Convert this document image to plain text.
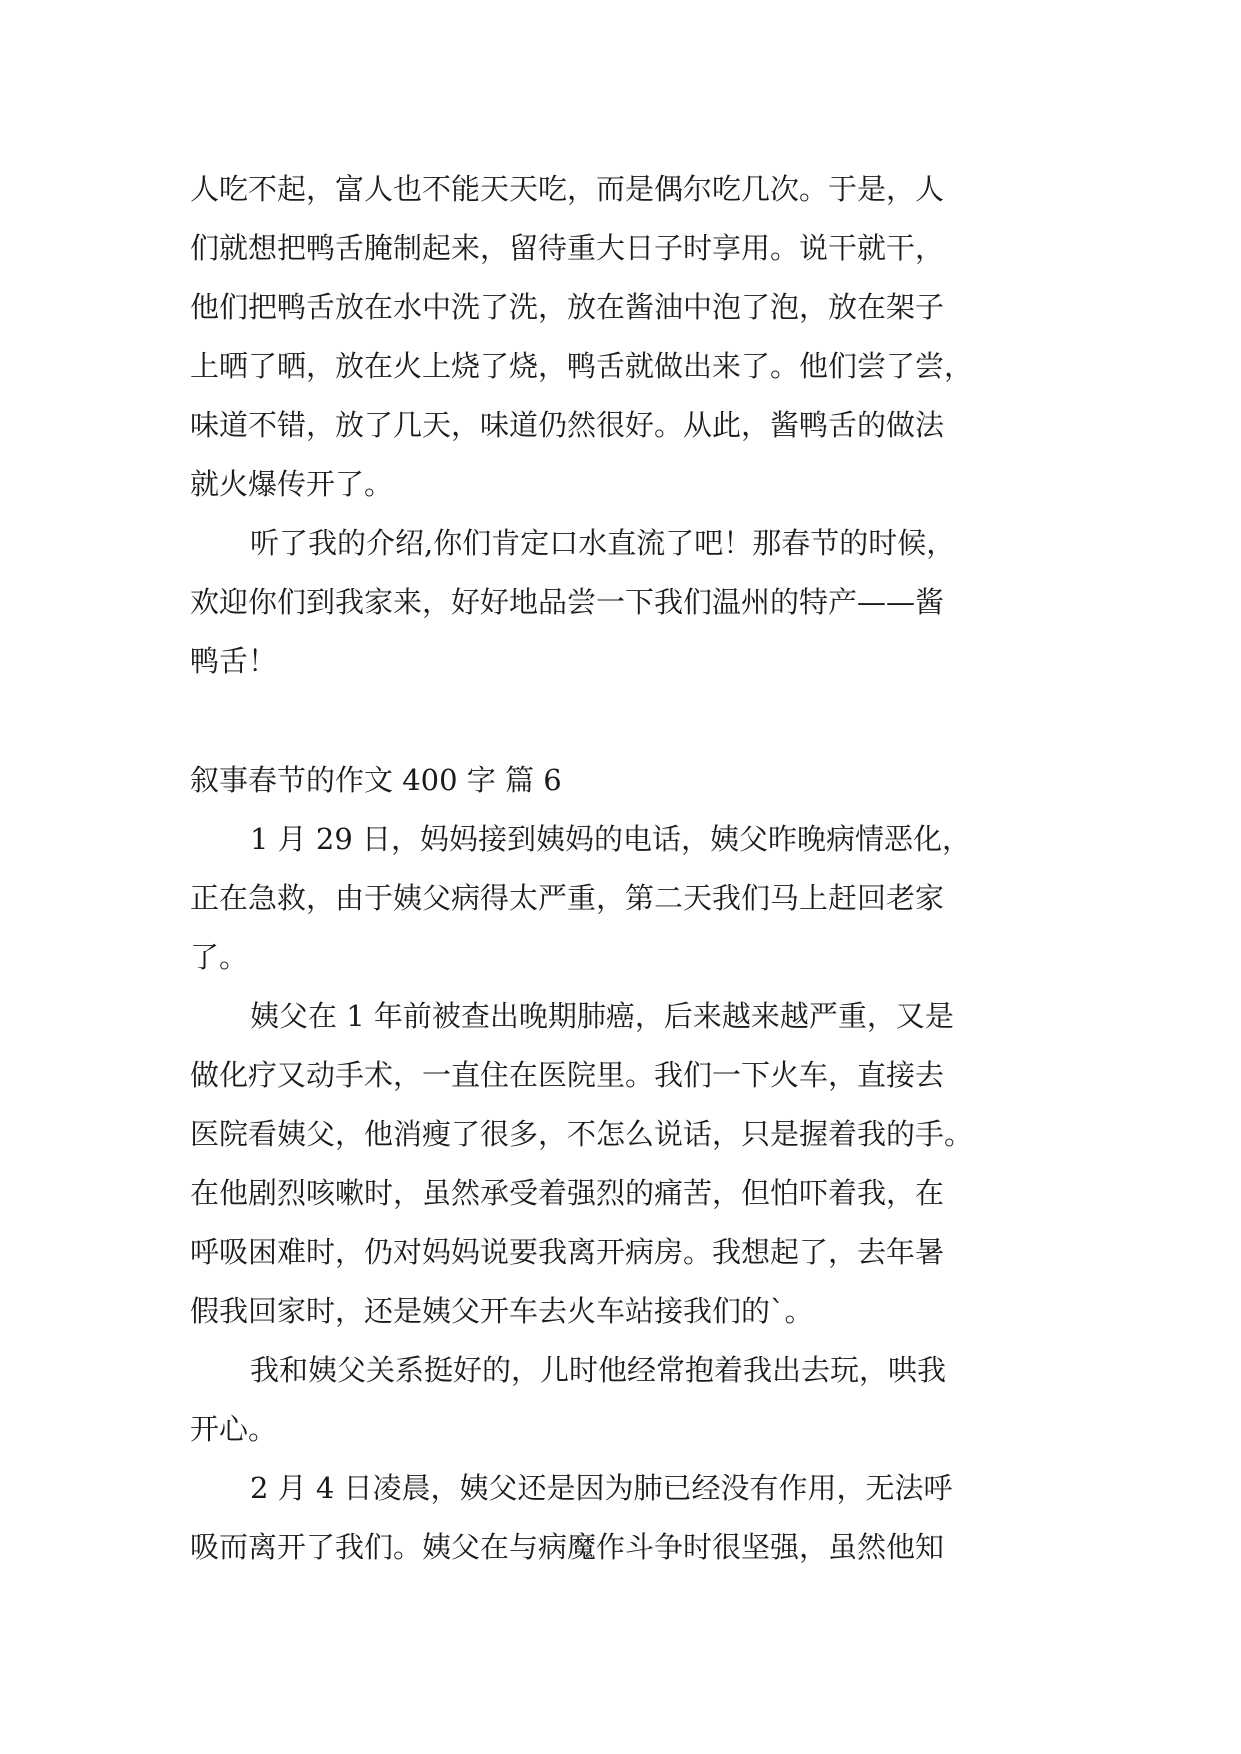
人吃不起，富人也不能天天吃，而是偶尔吃几次。于是，人
们就想把鸭舌腌制起来，留待重大日子时享用。说干就干，
他们把鸭舌放在水中洗了洗，放在酱油中泡了泡，放在架子
上晒了晒，放在火上烧了烧，鸭舌就做出来了。他们尝了尝，
味道不错，放了几天，味道仍然很好。从此，酱鸭舌的做法
就火爆传开了。
听了我的介绍,你们肯定口水直流了吧！那春节的时候，
欢迎你们到我家来，好好地品尝一下我们温州的特产——酱
鸭舌！
叙事春节的作文 400 字 篇 6
1 月 29 日，妈妈接到姨妈的电话，姨父昨晚病情恶化，
正在急救，由于姨父病得太严重，第二天我们马上赶回老家
了。
姨父在 1 年前被查出晚期肺癌，后来越来越严重，又是
做化疗又动手术，一直住在医院里。我们一下火车，直接去
医院看姨父，他消瘦了很多，不怎么说话，只是握着我的手。
在他剧烈咳嗽时，虽然承受着强烈的痛苦，但怕吓着我，在
呼吸困难时，仍对妈妈说要我离开病房。我想起了，去年暑
假我回家时，还是姨父开车去火车站接我们的`。
我和姨父关系挺好的，儿时他经常抱着我出去玩，哄我
开心。
2 月 4 日凌晨，姨父还是因为肺已经没有作用，无法呼
吸而离开了我们。姨父在与病魔作斗争时很坚强，虽然他知
